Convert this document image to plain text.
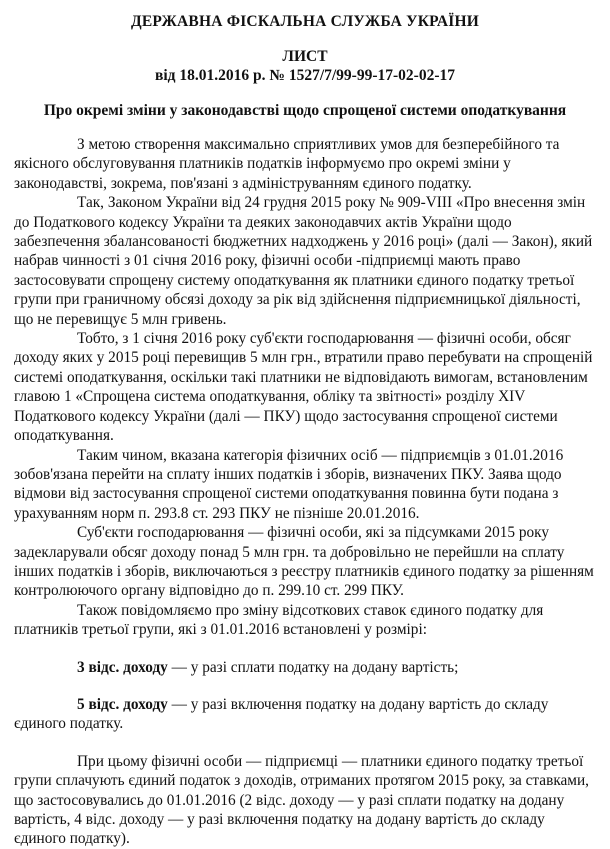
ДЕРЖАВНА ФІСКАЛЬНА СЛУЖБА УКРАЇНИ
ЛИСТ
від 18.01.2016 р. № 1527/7/99-99-17-02-02-17
Про окремі зміни у законодавстві щодо спрощеної системи оподаткування

З метою створення максимально сприятливих умов для безперебійного та якісного обслуговування платників податків інформуємо про окремі зміни у законодавстві, зокрема, пов'язані з адмініструванням єдиного податку.

Так, Законом України від 24 грудня 2015 року № 909-VIII «Про внесення змін до Податкового кодексу України та деяких законодавчих актів України щодо забезпечення збалансованості бюджетних надходжень у 2016 році» (далі — Закон), який набрав чинності з 01 січня 2016 року, фізичні особи -підприємці мають право застосовувати спрощену систему оподаткування як платники єдиного податку третьої групи при граничному обсязі доходу за рік від здійснення підприємницької діяльності, що не перевищує 5 млн гривень.

Тобто, з 1 січня 2016 року суб'єкти господарювання — фізичні особи, обсяг доходу яких у 2015 році перевищив 5 млн грн., втратили право перебувати на спрощеній системі оподаткування, оскільки такі платники не відповідають вимогам, встановленим главою 1 «Спрощена система оподаткування, обліку та звітності» розділу XIV Податкового кодексу України (далі — ПКУ) щодо застосування спрощеної системи оподаткування.

Таким чином, вказана категорія фізичних осіб — підприємців з 01.01.2016 зобов'язана перейти на сплату інших податків і зборів, визначених ПКУ. Заява щодо відмови від застосування спрощеної системи оподаткування повинна бути подана з урахуванням норм п. 293.8 ст. 293 ПКУ не пізніше 20.01.2016.

Суб'єкти господарювання — фізичні особи, які за підсумками 2015 року задекларували обсяг доходу понад 5 млн грн. та добровільно не перейшли на сплату інших податків і зборів, виключаються з реєстру платників єдиного податку за рішенням контролюючого органу відповідно до п. 299.10 ст. 299 ПКУ.

Також повідомляємо про зміну відсоткових ставок єдиного податку для платників третьої групи, які з 01.01.2016 встановлені у розмірі:

3 відс. доходу — у разі сплати податку на додану вартість;

5 відс. доходу — у разі включення податку на додану вартість до складу єдиного податку.

При цьому фізичні особи — підприємці — платники єдиного податку третьої групи сплачують єдиний податок з доходів, отриманих протягом 2015 року, за ставками, що застосовувались до 01.01.2016 (2 відс. доходу — у разі сплати податку на додану вартість, 4 відс. доходу — у разі включення податку на додану вартість до складу єдиного податку).
